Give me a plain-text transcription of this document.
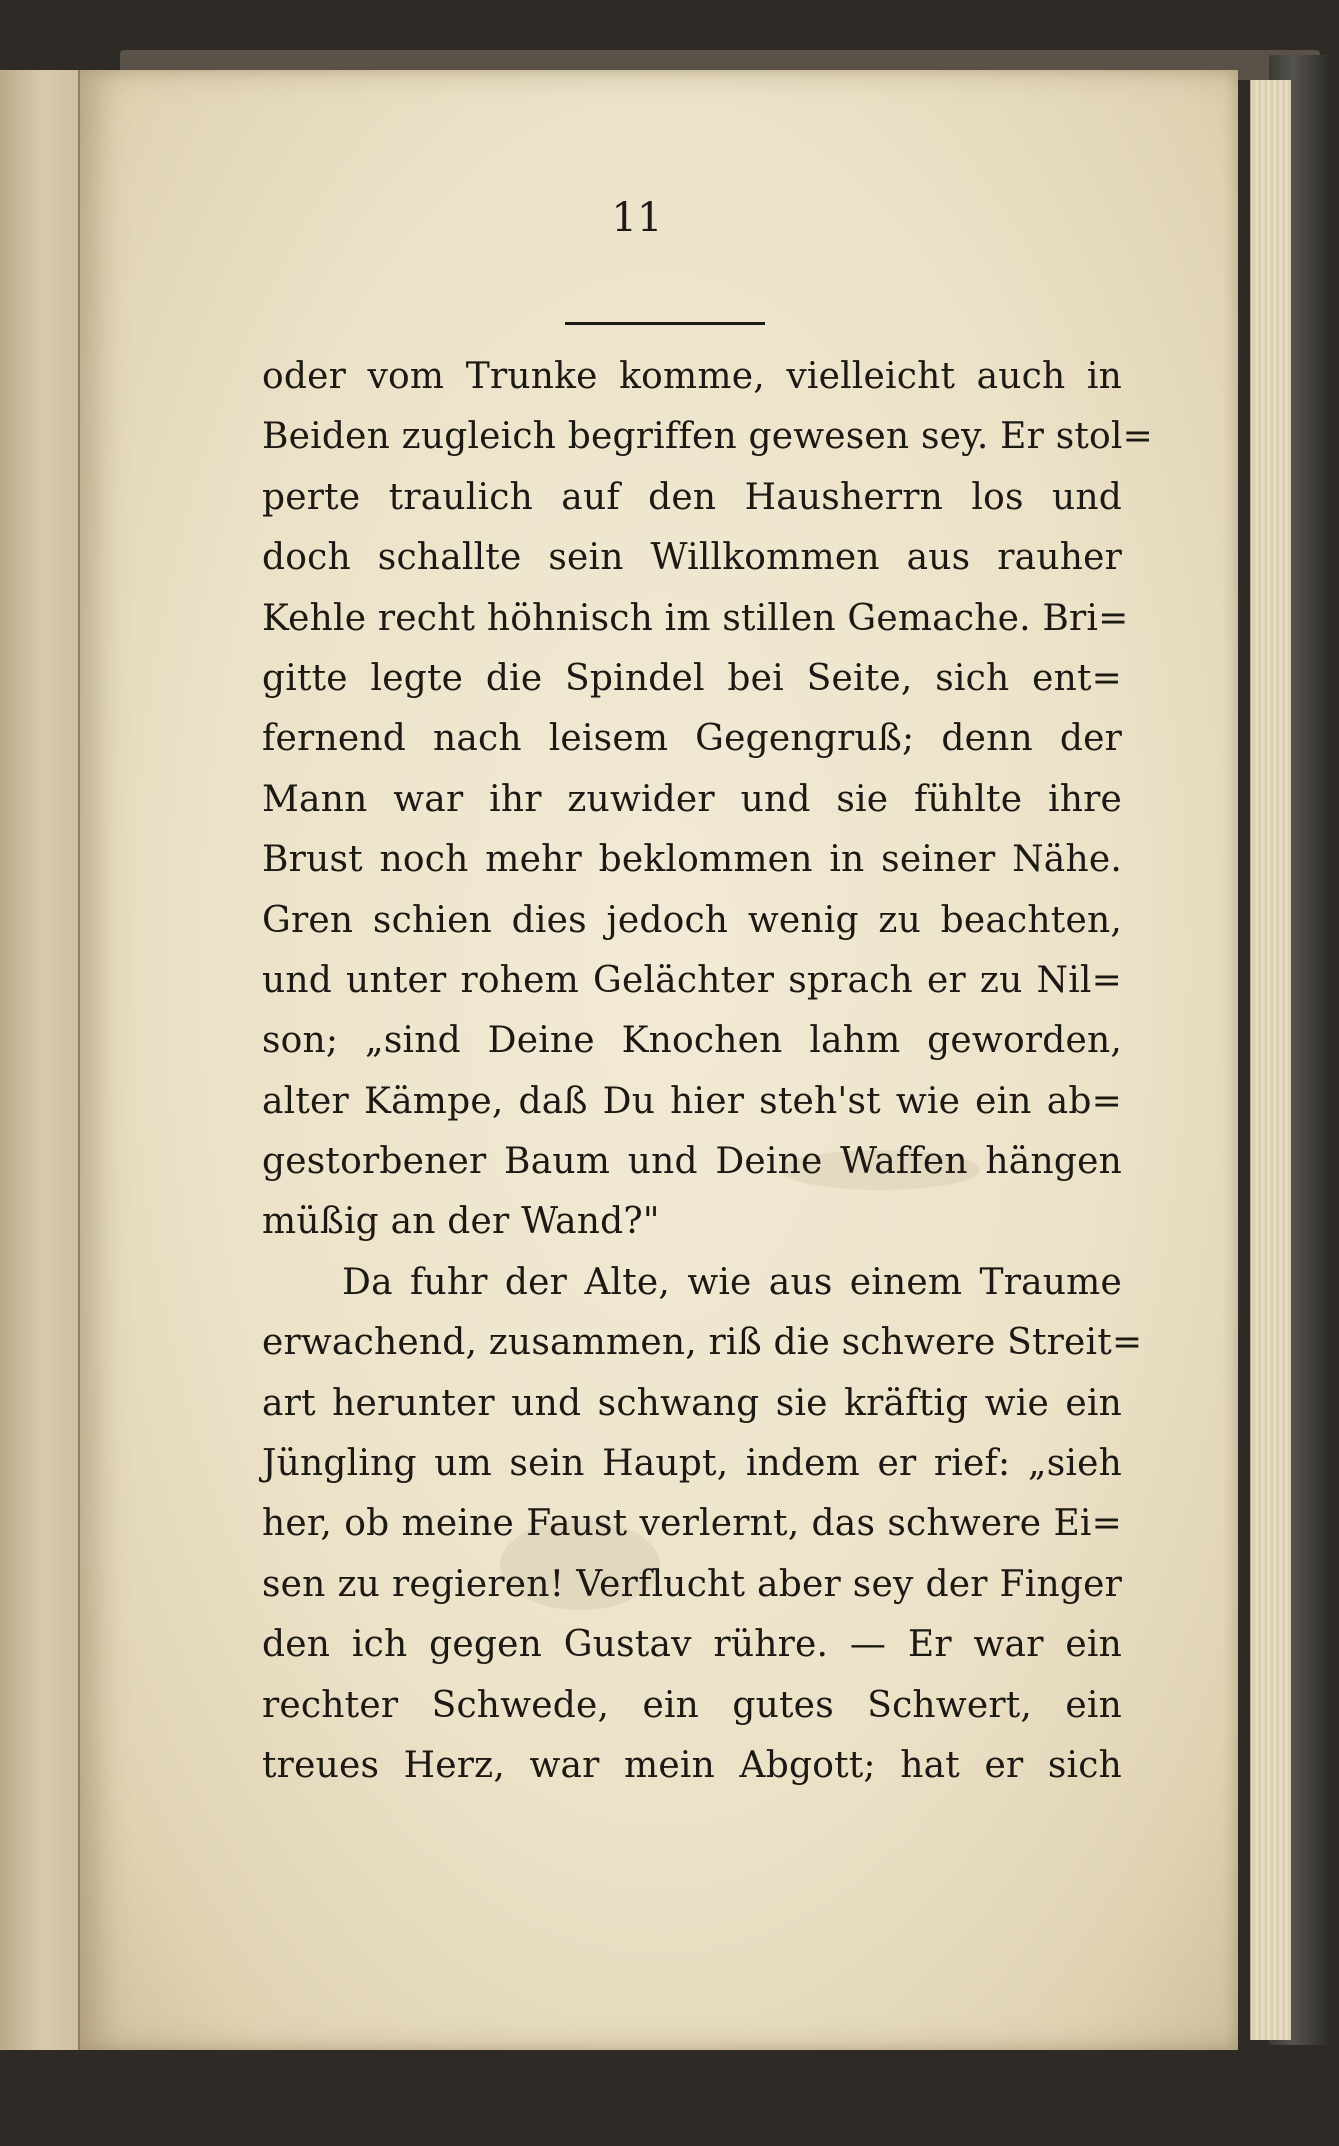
11
oder vom Trunke komme, vielleicht auch in
Beiden zugleich begriffen gewesen sey. Er stol=
perte traulich auf den Hausherrn los und
doch schallte sein Willkommen aus rauher
Kehle recht höhnisch im stillen Gemache. Bri=
gitte legte die Spindel bei Seite, sich ent=
fernend nach leisem Gegengruß; denn der
Mann war ihr zuwider und sie fühlte ihre
Brust noch mehr beklommen in seiner Nähe.
Gren schien dies jedoch wenig zu beachten,
und unter rohem Gelächter sprach er zu Nil=
son; „sind Deine Knochen lahm geworden,
alter Kämpe, daß Du hier steh'st wie ein ab=
gestorbener Baum und Deine Waffen hängen
müßig an der Wand?"
Da fuhr der Alte, wie aus einem Traume
erwachend, zusammen, riß die schwere Streit=
art herunter und schwang sie kräftig wie ein
Jüngling um sein Haupt, indem er rief: „sieh
her, ob meine Faust verlernt, das schwere Ei=
sen zu regieren! Verflucht aber sey der Finger
den ich gegen Gustav rühre. — Er war ein
rechter Schwede, ein gutes Schwert, ein
treues Herz, war mein Abgott; hat er sich
